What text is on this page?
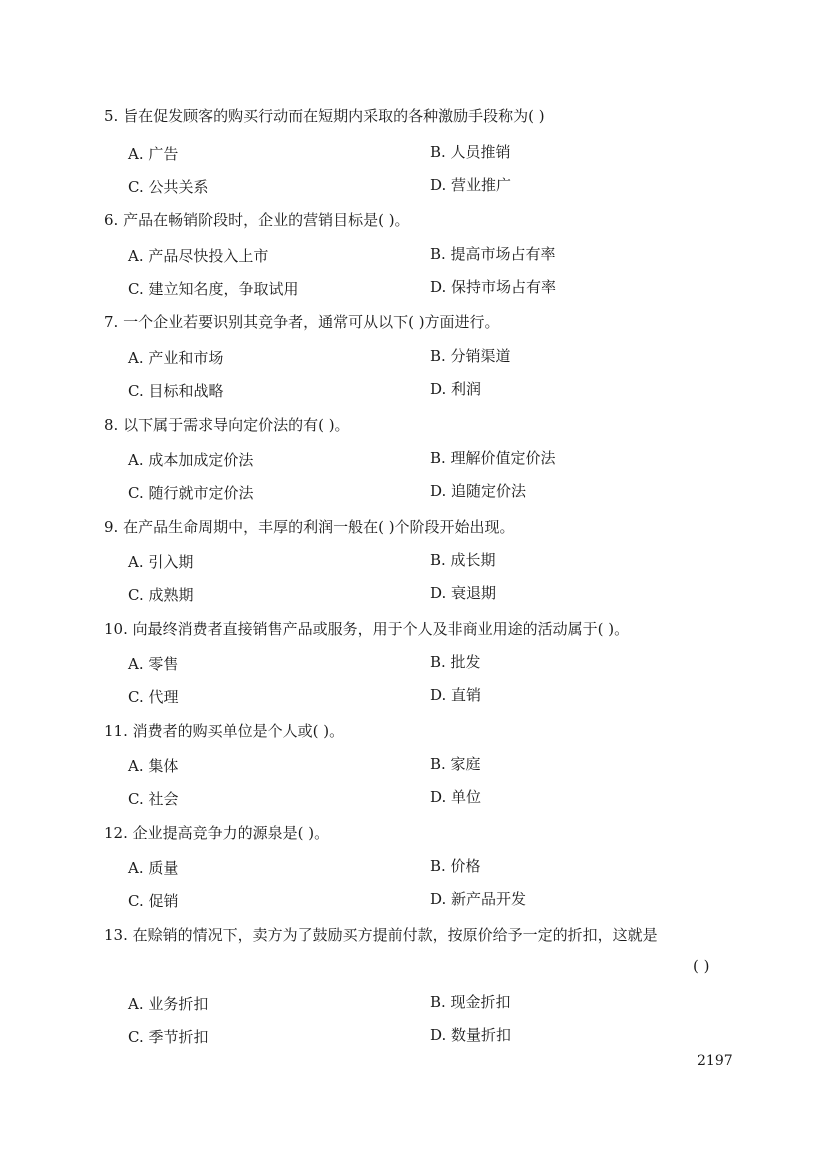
5. 旨在促发顾客的购买行动而在短期内采取的各种激励手段称为( )
A. 广告	B. 人员推销
C. 公共关系	D. 营业推广
6. 产品在畅销阶段时，企业的营销目标是( )。
A. 产品尽快投入上市	B. 提高市场占有率
C. 建立知名度，争取试用	D. 保持市场占有率
7. 一个企业若要识别其竞争者，通常可从以下( )方面进行。
A. 产业和市场	B. 分销渠道
C. 目标和战略	D. 利润
8. 以下属于需求导向定价法的有( )。
A. 成本加成定价法	B. 理解价值定价法
C. 随行就市定价法	D. 追随定价法
9. 在产品生命周期中，丰厚的利润一般在( )个阶段开始出现。
A. 引入期	B. 成长期
C. 成熟期	D. 衰退期
10. 向最终消费者直接销售产品或服务，用于个人及非商业用途的活动属于( )。
A. 零售	B. 批发
C. 代理	D. 直销
11. 消费者的购买单位是个人或( )。
A. 集体	B. 家庭
C. 社会	D. 单位
12. 企业提高竞争力的源泉是( )。
A. 质量	B. 价格
C. 促销	D. 新产品开发
13. 在赊销的情况下，卖方为了鼓励买方提前付款，按原价给予一定的折扣，这就是
( )
A. 业务折扣	B. 现金折扣
C. 季节折扣	D. 数量折扣
2197
